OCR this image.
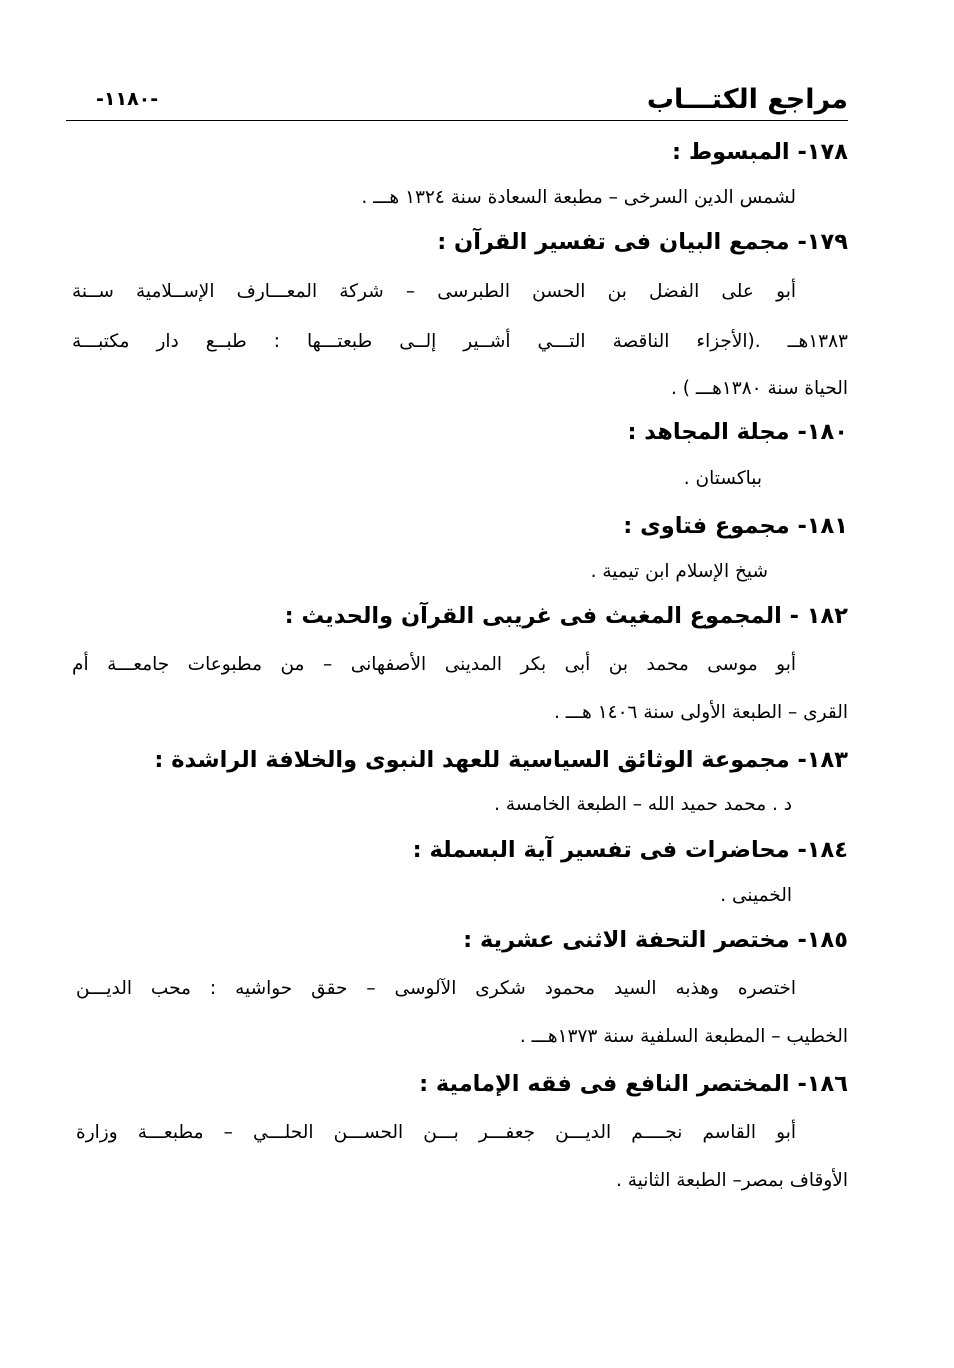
مراجع الكتـــاب
-١١٨٠-
١٧٨- المبسوط :
لشمس الدين السرخى – مطبعة السعادة سنة ١٣٢٤ هـــ .
١٧٩- مجمع البيان فى تفسير القرآن :
أبو على الفضل بن الحسن الطبرسى – شركة المعـــارف الإســلامية ســنة
١٣٨٣هــ .(الأجزاء الناقصة التـــي أشــير إلــى طبعتـــها : طبــع دار مكتبـــة
الحياة سنة ١٣٨٠هـــ ) .
١٨٠- مجلة المجاهد :
بباكستان .
١٨١- مجموع فتاوى :
شيخ الإسلام ابن تيمية .
١٨٢ - المجموع المغيث فى غريبى القرآن والحديث :
أبو موسى محمد بن أبى بكر المدينى الأصفهانى – من مطبوعات جامعـــة أم
القرى – الطبعة الأولى سنة ١٤٠٦ هـــ .
١٨٣- مجموعة الوثائق السياسية للعهد النبوى والخلافة الراشدة :
د . محمد حميد الله – الطبعة الخامسة .
١٨٤- محاضرات فى تفسير آية البسملة :
الخمينى .
١٨٥- مختصر التحفة الاثنى عشرية :
اختصره وهذبه السيد محمود شكرى الآلوسى – حقق حواشيه : محب الديـــن
الخطيب – المطبعة السلفية سنة ١٣٧٣هـــ .
١٨٦- المختصر النافع فى فقه الإمامية :
أبو القاسم نجــــم الديـــن جعفـــر بـــن الحســـن الحلـــي – مطبعـــة وزارة
الأوقاف بمصر– الطبعة الثانية .
